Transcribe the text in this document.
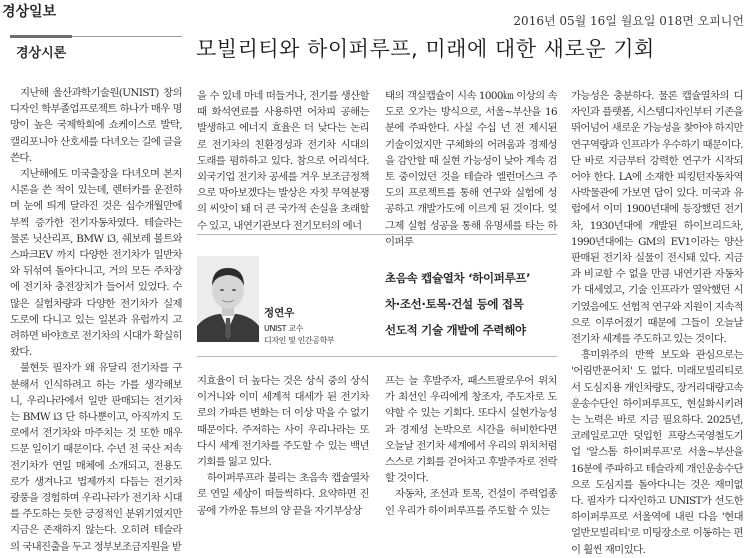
경상일보
2016년 05월 16일 월요일 018면 오피니언
경상시론	모빌리티와 하이퍼루프, 미래에 대한 새로운 기회

지난해 울산과학기술원(UNIST) 창의 디자인 학부졸업프로젝트 하나가 매우 명망이 높은 국제학회에 쇼케이스로 발탁, 캘리포니아 산호세를 다녀오는 길에 글을 쓴다.

지난해에도 미국출장을 다녀오며 본지 시론을 쓴 적이 있는데, 렌터카를 운전하며 눈에 띄게 달라진 것은 십수개월만에 부쩍 증가한 전기자동차였다. 테슬라는 물론 닛산리프, BMW i3, 쉐보레 볼트와 스파크EV 까지 다양한 전기차가 일반차와 뒤섞여 돌아다니고, 거의 모든 주차장에 전기차 충전장치가 들어서 있었다. 수많은 실험차량과 다양한 전기차가 실제 도로에 다니고 있는 일본과 유럽까지 고려하면 바야흐로 전기차의 시대가 확실히 왔다.

불현듯 필자가 왜 유달리 전기차를 구분해서 인식하려고 하는 가를 생각해보니, 우리나라에서 일반 판매되는 전기차는 BMW i3 단 하나뿐이고, 아직까지 도로에서 전기차와 마주치는 것 또한 매우 드문 일이기 때문이다. 수년 전 국산 저속 전기차가 연일 매체에 소개되고, 전용도로가 생겨나고 법제까지 다듬는 전기차 광풍을 경험하며 우리나라가 전기차 시대를 주도하는 듯한 긍정적인 분위기였지만 지금은 존재하지 않는다. 오히려 테슬라의 국내진출을 두고 정부보조금지원을 받

을 수 있네 마네 떠들거나, 전기를 생산할 때 화석연료를 사용하면 어차피 공해는 발생하고 에너지 효율은 더 낮다는 논리로 전기차의 친환경성과 전기차 시대의 도래를 폄하하고 있다. 참으로 어리석다. 외국기업 전기차 공세를 겨우 보조금정책으로 막아보겠다는 발상은 자칫 무역분쟁의 씨앗이 돼 더 큰 국가적 손실을 초래할 수 있고, 내연기관보다 전기모터의 에너

태의 객실캡슐이 시속 1000㎞ 이상의 속도로 오가는 방식으로, 서울~부산을 16분에 주파한다. 사실 수십 년 전 제시된 기술이었지만 구체화의 어려움과 경제성을 감안할 때 실현 가능성이 낮아 계속 검토 중이었던 것을 테슬라 엘런머스크 주도의 프로젝트를 통해 연구와 실험에 성공하고 개발가도에 이르게 된 것이다. 엊그제 실험 성공을 통해 유명세를 타는 하이퍼루

가능성은 충분하다. 물론 캡슐열차의 디자인과 플랫폼, 시스템디자인부터 기존을 뛰어넘어 새로운 가능성을 찾아야 하지만 연구역량과 인프라가 우수하기 때문이다. 단 바로 지금부터 강력한 연구가 시작되어야 한다. LA에 소재한 피킹턴자동차역사박물관에 가보면 답이 있다. 미국과 유럽에서 이미 1900년대에 등장했던 전기차, 1930년대에 개발된 하이브리드차, 1990년대에는 GM의 EV1이라는 양산판매된 전기차 실물이 전시돼 있다. 지금과 비교할 수 없을 만큼 내연기관 자동차가 대세였고, 기술 인프라가 열악했던 시기였음에도 선험적 연구와 지원이 지속적으로 이루어졌기 때문에 그들이 오늘날 전기차 세계를 주도하고 있는 것이다.

흥미위주의 반짝 보도와 관심으로는 '어림반푼어치' 도 없다. 미래모빌리티로서 도심지용 개인차량도, 장거리대량고속운송수단인 하이퍼루프도, 현실화시키려는 노력은 바로 지금 필요하다. 2025년, 코레일로고만 덧입힌 프랑스국영철도기업 '알스톰 하이퍼루프'로 서울~부산을 16분에 주파하고 테슬라제 개인운송수단으로 도심지를 돌아다니는 것은 재미없다. 필자가 디자인하고 UNIST가 선도한 하이퍼루프로 서울역에 내린 다음 '현대 얼반모빌리티'로 미팅장소로 이동하는 편이 훨씬 재미있다.

정연우
UNIST 교수
디자인 및 인간공학부
초음속 캡슐열차 ‘하이퍼루프’
차·조선·토목·건설 등에 접목
선도적 기술 개발에 주력해야

지효율이 더 높다는 것은 상식 중의 상식이거니와 이미 세계적 대세가 된 전기차로의 가파른 변화는 더 이상 막을 수 없기 때문이다. 주저하는 사이 우리나라는 또다시 세계 전기차를 주도할 수 있는 백년 기회를 잃고 있다.

하이퍼루프라 불리는 초음속 캡슐열차로 연일 세상이 떠들썩하다. 요약하면 진공에 가까운 튜브의 양 끝을 자기부상상

프는 늘 후발주자, 패스트팔로우어 위치가 최선인 우리에게 창조자, 주도자로 도약할 수 있는 기회다. 또다시 실현가능성과 경제성 논박으로 시간을 허비한다면 오늘날 전기차 세계에서 우리의 위치처럼 스스로 기회를 걷어차고 후발주자로 전락할 것이다.

자동차, 조선과 토목, 건설이 주력업종인 우리가 하이퍼루프를 주도할 수 있는
